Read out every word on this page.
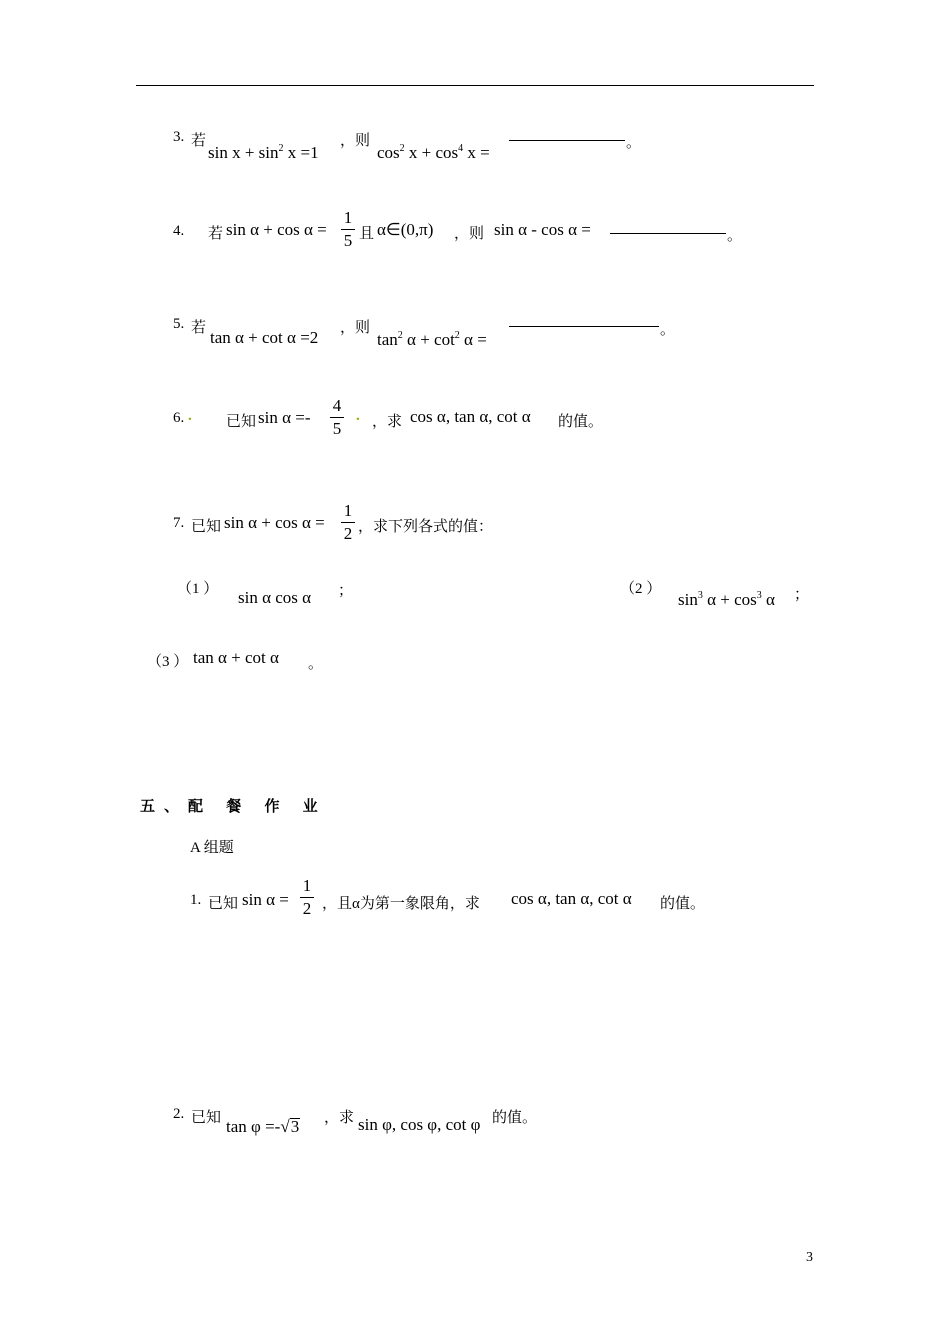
3. 若
$\sin x + \sin^2 x =1$
，则
$\cos^2 x + \cos^4 x$ =	。
4. 若 sin α + cos α =
1
5 且 α∈(0,π) ，则 sin α - cos α =	。
5. 若 tan α + cot α =2 ，则
$\tan^2 \alpha + \cot^2 \alpha$ =	。
6. . 已知 sin α =-
4
5
. ，求 cos α, tan α, cot α 的值。
7. 已知 sin α + cos α =
1
2 ，求下列各式的值：
（1 ） sin α cos α ；	（2 ）
$\sin^3 \alpha + \cos^3 \alpha$ ；
（3 ） tan α + cot α 。
五、配 餐 作 业
A 组题
1. 已知 sin α =
1
2 ，且α为第一象限角，求 cos α, tan α, cot α 的值。
2. 已知 tan φ =-√3 ，求 sin φ, cos φ, cot φ 的值。
3
